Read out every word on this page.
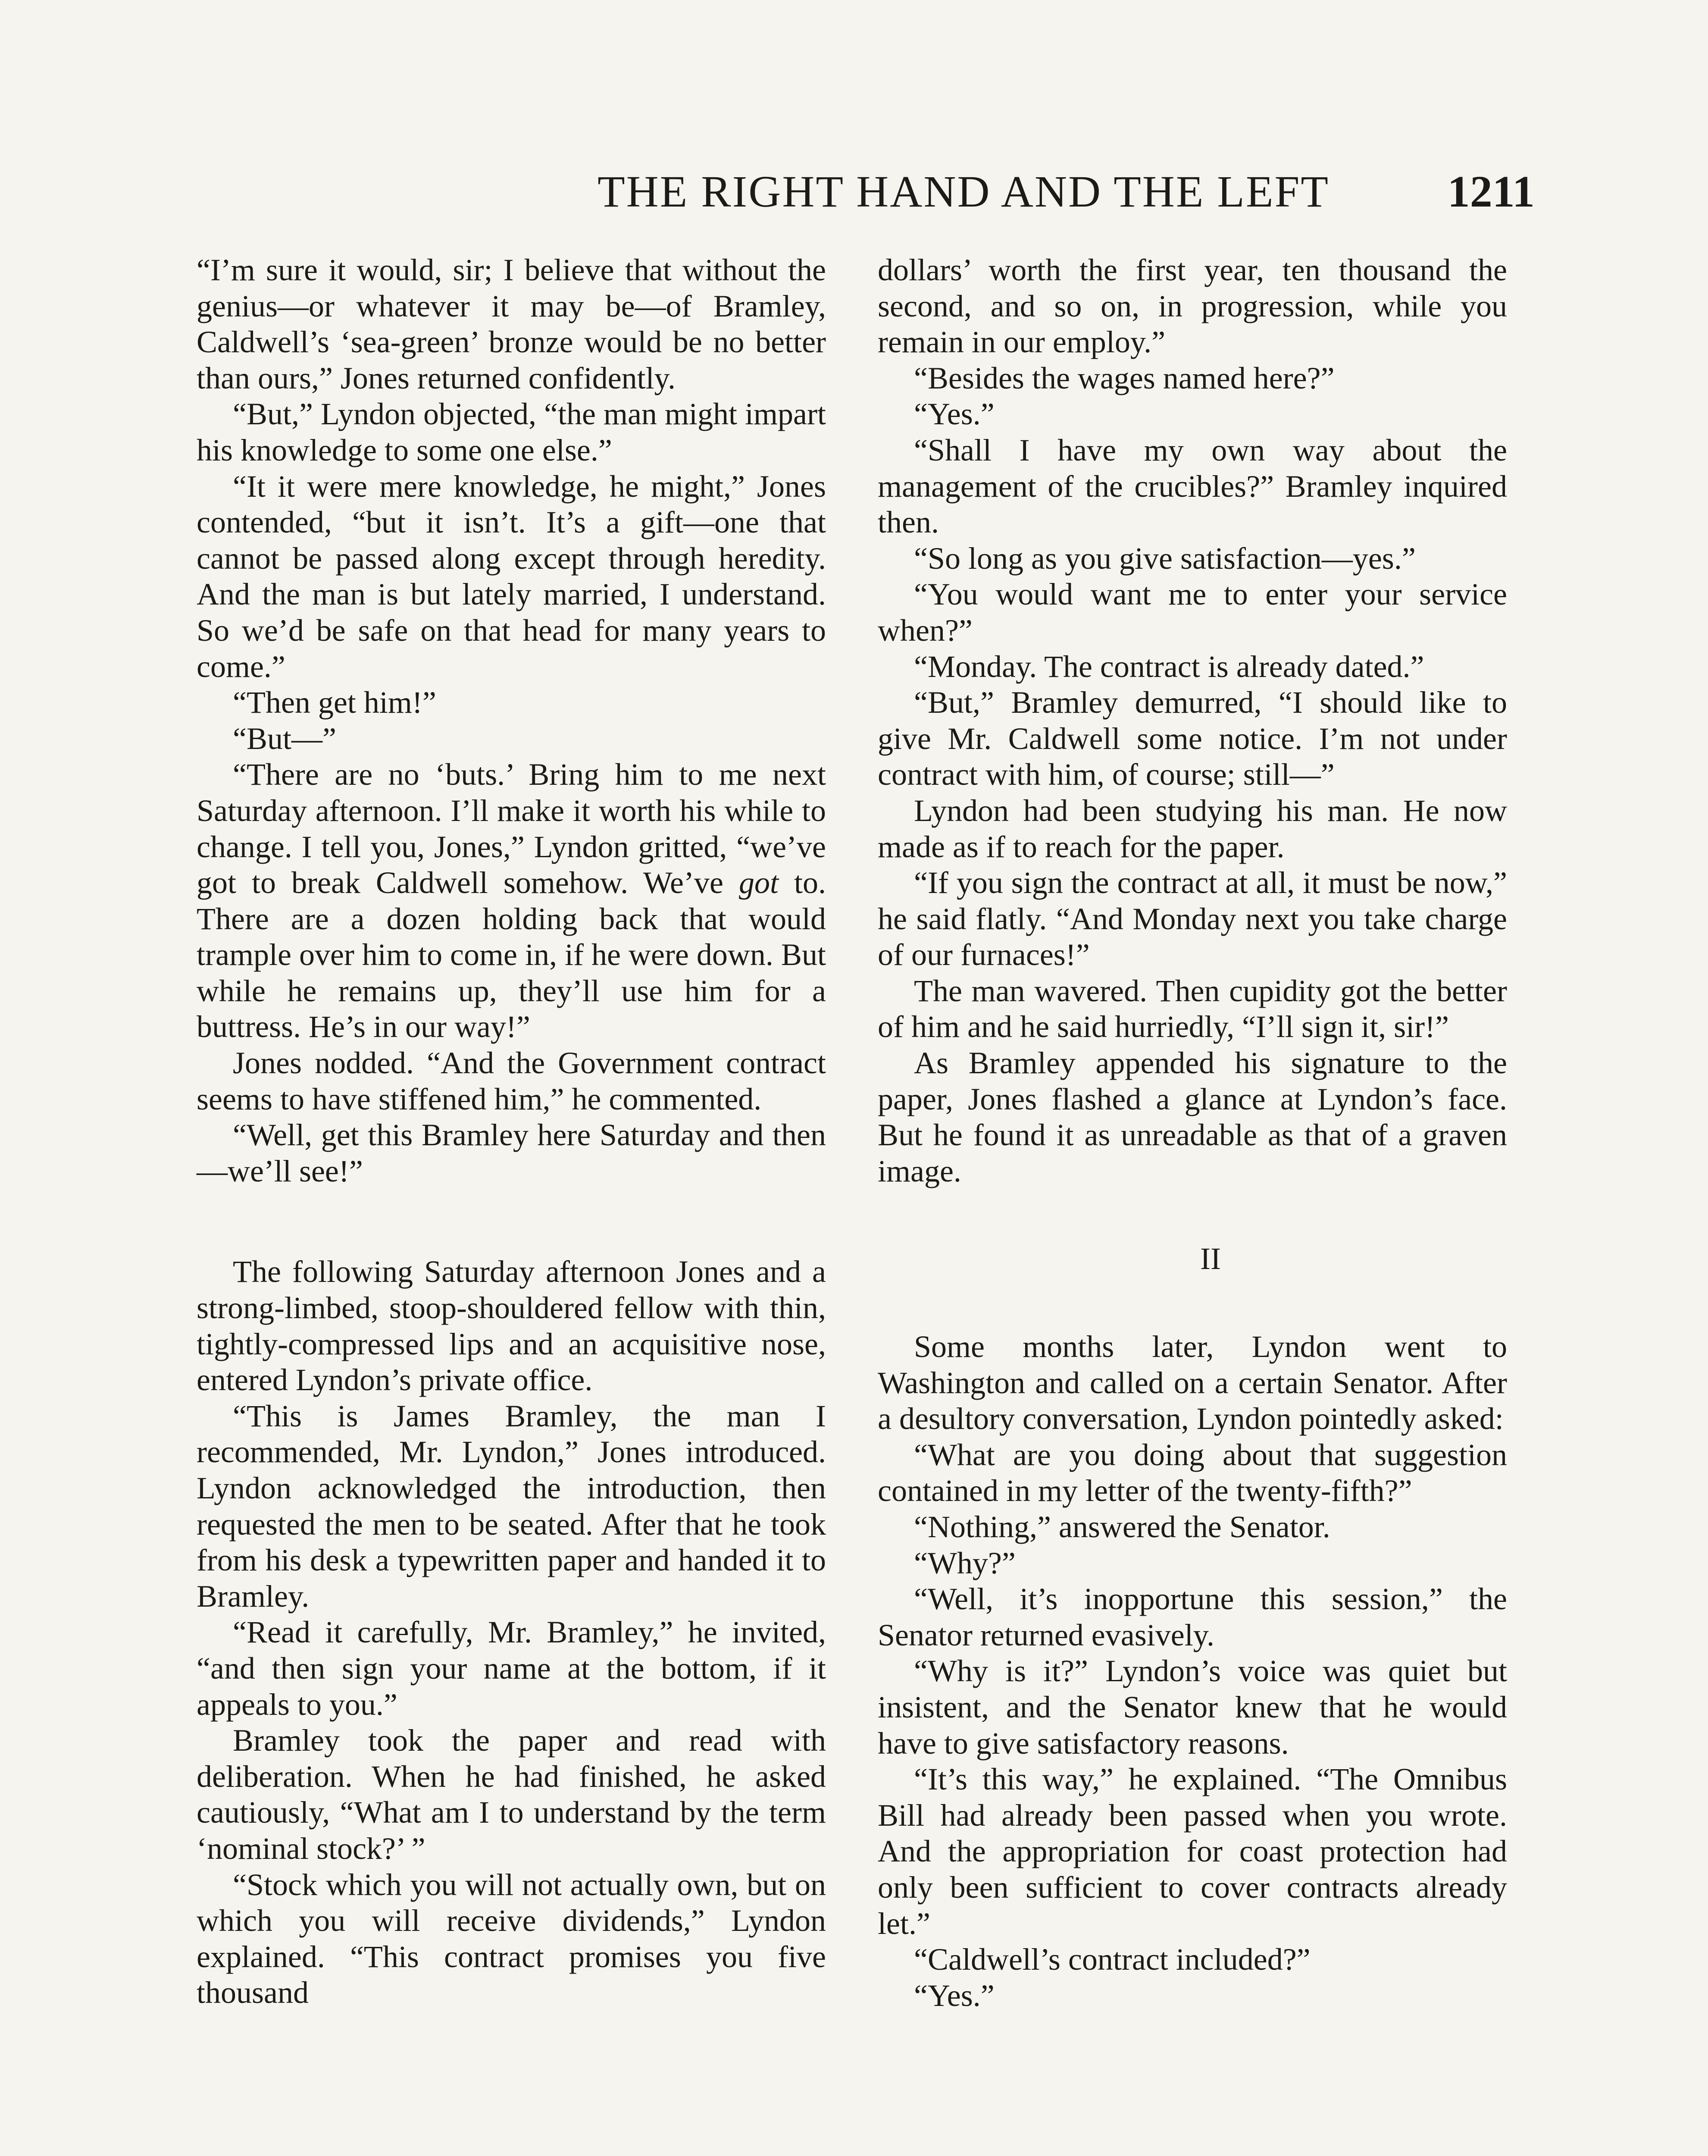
THE RIGHT HAND AND THE LEFT	1211

“I’m sure it would, sir; I believe that without the genius—or whatever it may be—of Bramley, Caldwell’s ‘sea-green’ bronze would be no better than ours,” Jones returned confidently.

“But,” Lyndon objected, “the man might impart his knowledge to some one else.”

“It it were mere knowledge, he might,” Jones contended, “but it isn’t. It’s a gift—one that cannot be passed along except through heredity. And the man is but lately married, I understand. So we’d be safe on that head for many years to come.”

“Then get him!”

“But—”

“There are no ‘buts.’ Bring him to me next Saturday afternoon. I’ll make it worth his while to change. I tell you, Jones,” Lyndon gritted, “we’ve got to break Caldwell somehow. We’ve got to. There are a dozen holding back that would trample over him to come in, if he were down. But while he remains up, they’ll use him for a buttress. He’s in our way!”

Jones nodded. “And the Government contract seems to have stiffened him,” he commented.

“Well, get this Bramley here Saturday and then—we’ll see!”

The following Saturday afternoon Jones and a strong-limbed, stoop-shouldered fellow with thin, tightly-compressed lips and an acquisitive nose, entered Lyndon’s private office.

“This is James Bramley, the man I recommended, Mr. Lyndon,” Jones introduced. Lyndon acknowledged the introduction, then requested the men to be seated. After that he took from his desk a typewritten paper and handed it to Bramley.

“Read it carefully, Mr. Bramley,” he invited, “and then sign your name at the bottom, if it appeals to you.”

Bramley took the paper and read with deliberation. When he had finished, he asked cautiously, “What am I to understand by the term ‘nominal stock?’ ”

“Stock which you will not actually own, but on which you will receive dividends,” Lyndon explained. “This contract promises you five thousand

dollars’ worth the first year, ten thousand the second, and so on, in progression, while you remain in our employ.”

“Besides the wages named here?”

“Yes.”

“Shall I have my own way about the management of the crucibles?” Bramley inquired then.

“So long as you give satisfaction—yes.”

“You would want me to enter your service when?”

“Monday. The contract is already dated.”

“But,” Bramley demurred, “I should like to give Mr. Caldwell some notice. I’m not under contract with him, of course; still—”

Lyndon had been studying his man. He now made as if to reach for the paper.

“If you sign the contract at all, it must be now,” he said flatly. “And Monday next you take charge of our furnaces!”

The man wavered. Then cupidity got the better of him and he said hurriedly, “I’ll sign it, sir!”

As Bramley appended his signature to the paper, Jones flashed a glance at Lyndon’s face. But he found it as unreadable as that of a graven image.

II

Some months later, Lyndon went to Washington and called on a certain Senator. After a desultory conversation, Lyndon pointedly asked:

“What are you doing about that suggestion contained in my letter of the twenty-fifth?”

“Nothing,” answered the Senator.

“Why?”

“Well, it’s inopportune this session,” the Senator returned evasively.

“Why is it?” Lyndon’s voice was quiet but insistent, and the Senator knew that he would have to give satisfactory reasons.

“It’s this way,” he explained. “The Omnibus Bill had already been passed when you wrote. And the appropriation for coast protection had only been sufficient to cover contracts already let.”

“Caldwell’s contract included?”

“Yes.”
